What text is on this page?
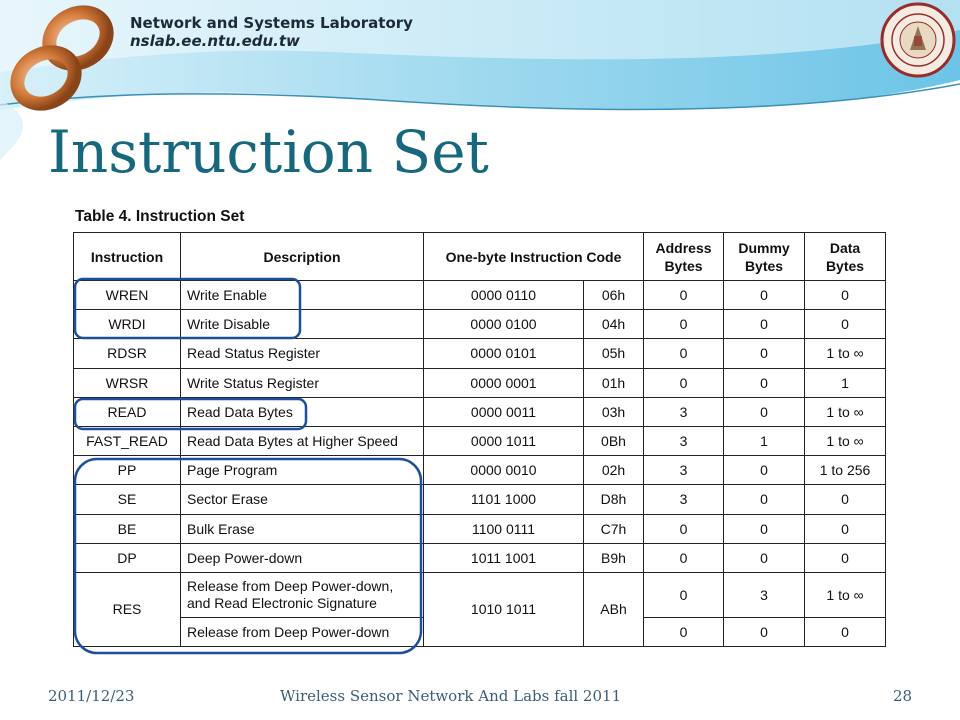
Network and Systems Laboratory
nslab.ee.ntu.edu.tw
Instruction Set
Table 4. Instruction Set
Instruction	Description	One-byte Instruction Code		Address Bytes	Dummy Bytes	Data Bytes
WREN	Write Enable	0000 0110	06h	0	0	0
WRDI	Write Disable	0000 0100	04h	0	0	0
RDSR	Read Status Register	0000 0101	05h	0	0	1 to ∞
WRSR	Write Status Register	0000 0001	01h	0	0	1
READ	Read Data Bytes	0000 0011	03h	3	0	1 to ∞
FAST_READ	Read Data Bytes at Higher Speed	0000 1011	0Bh	3	1	1 to ∞
PP	Page Program	0000 0010	02h	3	0	1 to 256
SE	Sector Erase	1101 1000	D8h	3	0	0
BE	Bulk Erase	1100 0111	C7h	0	0	0
DP	Deep Power-down	1011 1001	B9h	0	0	0
RES	Release from Deep Power-down, and Read Electronic Signature	1010 1011	ABh	0	3	1 to ∞
	Release from Deep Power-down			0	0	0
2011/12/23	Wireless Sensor Network And Labs fall 2011	28
